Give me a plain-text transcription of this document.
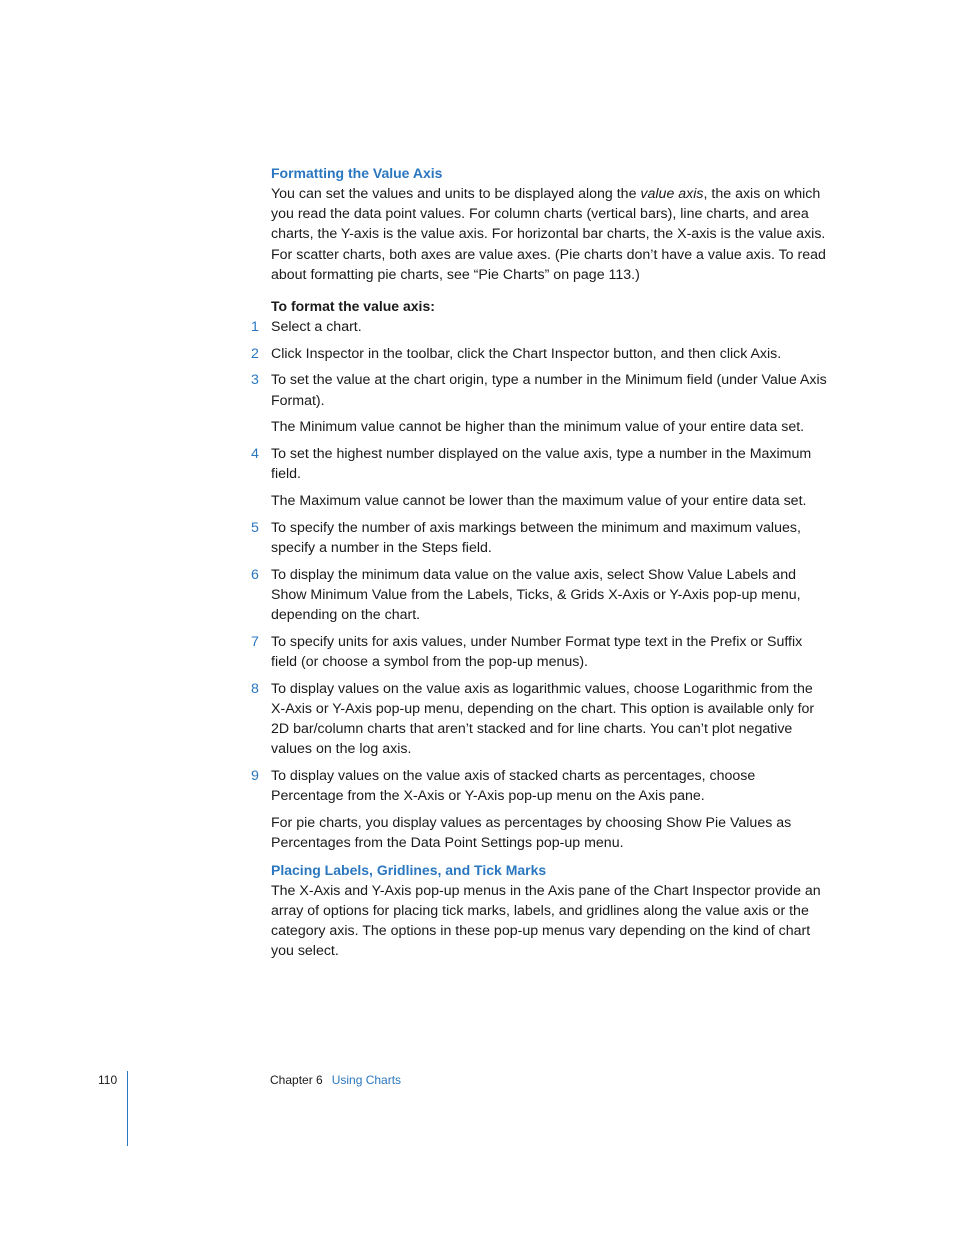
Formatting the Value Axis

You can set the values and units to be displayed along the value axis, the axis on which you read the data point values. For column charts (vertical bars), line charts, and area charts, the Y-axis is the value axis. For horizontal bar charts, the X-axis is the value axis. For scatter charts, both axes are value axes. (Pie charts don’t have a value axis. To read about formatting pie charts, see “Pie Charts” on page 113.)

To format the value axis:

1 Select a chart.
2 Click Inspector in the toolbar, click the Chart Inspector button, and then click Axis.
3 To set the value at the chart origin, type a number in the Minimum field (under Value Axis Format).
The Minimum value cannot be higher than the minimum value of your entire data set.
4 To set the highest number displayed on the value axis, type a number in the Maximum field.
The Maximum value cannot be lower than the maximum value of your entire data set.
5 To specify the number of axis markings between the minimum and maximum values, specify a number in the Steps field.
6 To display the minimum data value on the value axis, select Show Value Labels and Show Minimum Value from the Labels, Ticks, & Grids X-Axis or Y-Axis pop-up menu, depending on the chart.
7 To specify units for axis values, under Number Format type text in the Prefix or Suffix field (or choose a symbol from the pop-up menus).
8 To display values on the value axis as logarithmic values, choose Logarithmic from the X-Axis or Y-Axis pop-up menu, depending on the chart. This option is available only for 2D bar/column charts that aren’t stacked and for line charts. You can’t plot negative values on the log axis.
9 To display values on the value axis of stacked charts as percentages, choose Percentage from the X-Axis or Y-Axis pop-up menu on the Axis pane.
For pie charts, you display values as percentages by choosing Show Pie Values as Percentages from the Data Point Settings pop-up menu.
Placing Labels, Gridlines, and Tick Marks

The X-Axis and Y-Axis pop-up menus in the Axis pane of the Chart Inspector provide an array of options for placing tick marks, labels, and gridlines along the value axis or the category axis. The options in these pop-up menus vary depending on the kind of chart you select.

110	Chapter 6 Using Charts
